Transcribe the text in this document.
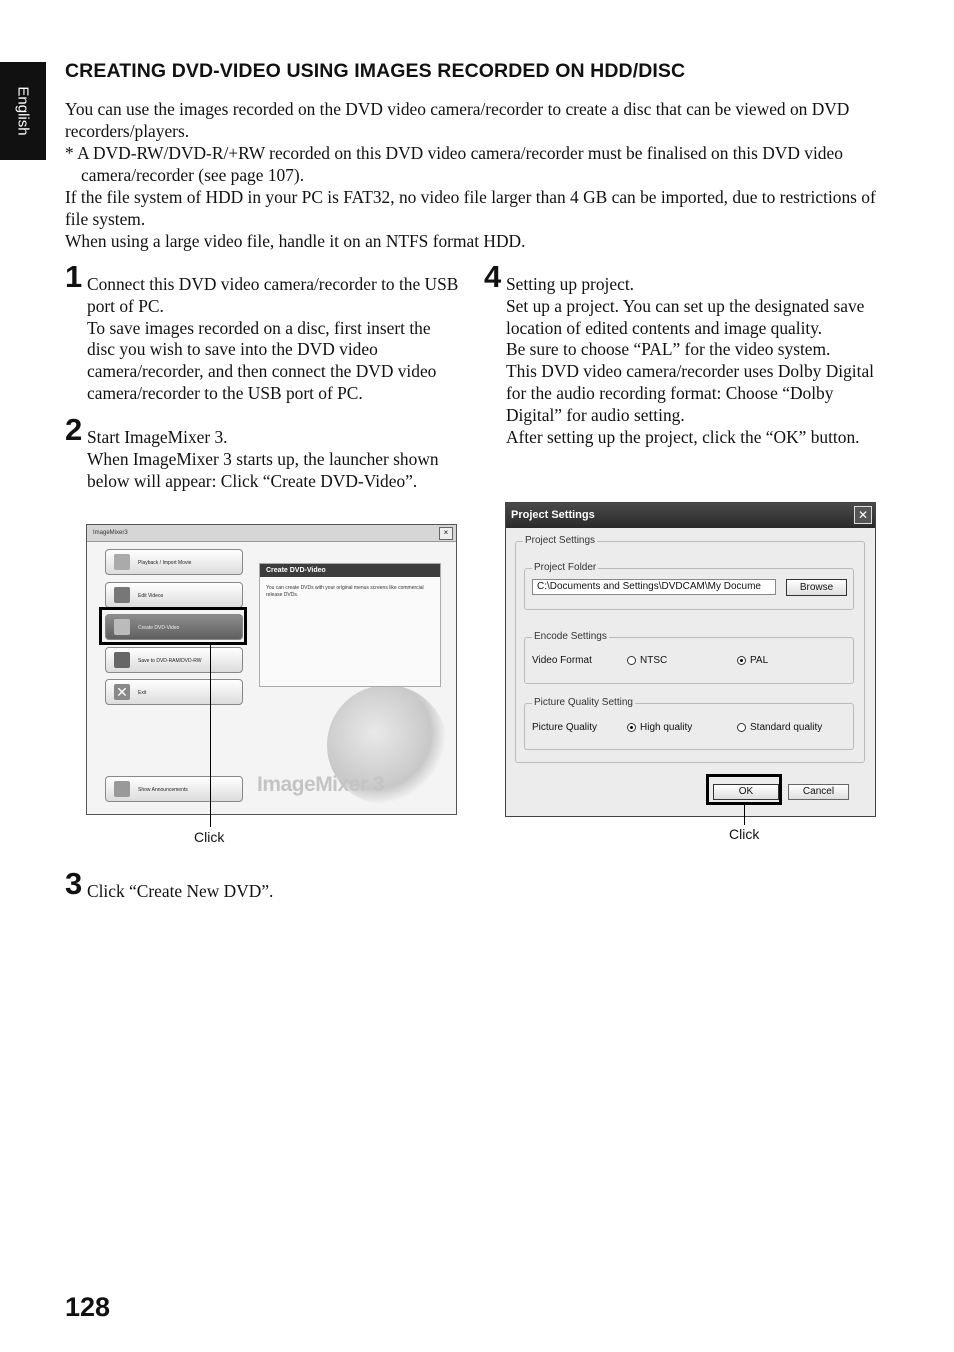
English
CREATING DVD-VIDEO USING IMAGES RECORDED ON HDD/DISC

You can use the images recorded on the DVD video camera/recorder to create a disc that can be viewed on DVD recorders/players.

* A DVD-RW/DVD-R/+RW recorded on this DVD video camera/recorder must be finalised on this DVD video camera/recorder (see page 107).

If the file system of HDD in your PC is FAT32, no video file larger than 4 GB can be imported, due to restrictions of file system.

When using a large video file, handle it on an NTFS format HDD.

1 Connect this DVD video camera/recorder to the USB port of PC.

To save images recorded on a disc, first insert the disc you wish to save into the DVD video camera/recorder, and then connect the DVD video camera/recorder to the USB port of PC.

2 Start ImageMixer 3.

When ImageMixer 3 starts up, the launcher shown below will appear: Click “Create DVD-Video”.

3 Click “Create New DVD”.

4 Setting up project.

Set up a project. You can set up the designated save location of edited contents and image quality.

Be sure to choose “PAL” for the video system.

This DVD video camera/recorder uses Dolby Digital for the audio recording format: Choose “Dolby Digital” for audio setting.

After setting up the project, click the “OK” button.

ImageMixer3	×
Playback / Import Movie
Edit Videos
Create DVD-Video
Save to DVD-RAM/DVD-RW
✕	Exit
Show Announcements
Create DVD-Video
You can create DVDs with your original menus screens like commercial release DVDs.
ImageMixer 3
Click
Project Settings	✕
Project Settings
Project Folder
C:\Documents and Settings\DVDCAM\My Docume	Browse
Encode Settings
Video Format	NTSC	PAL
Picture Quality Setting
Picture Quality	High quality	Standard quality
OK	Cancel
Click
128
